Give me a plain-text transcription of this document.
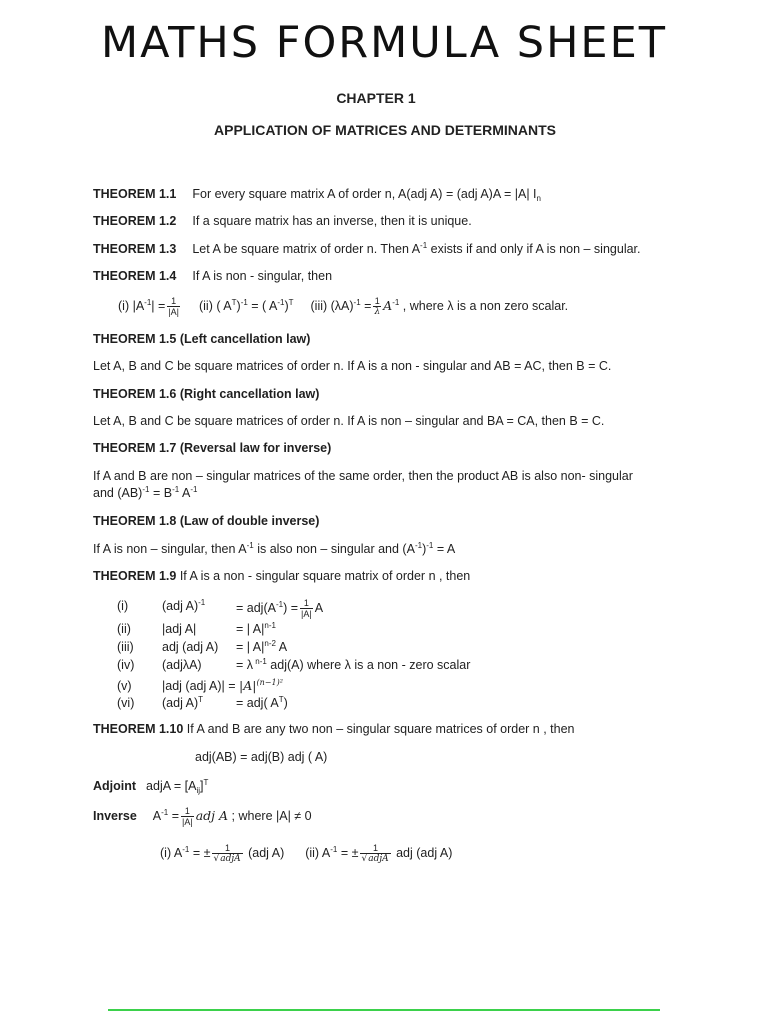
MATHS FORMULA SHEET
CHAPTER 1
APPLICATION OF MATRICES AND DETERMINANTS
THEOREM 1.1 For every square matrix A of order n, A(adj A) = (adj A)A = |A| $I_n$
THEOREM 1.2 If a square matrix has an inverse, then it is unique.
THEOREM 1.3 Let A be square matrix of order n. Then $A^{-1}$ exists if and only if A is non – singular.
THEOREM 1.4 If A is non - singular, then
(i) $|A^{-1}| = \frac{1}{|A|} (ii)$ ( $A^T)^{-1}$ = ( $A^{-1})^T$ (iii) $(\lambda A)^{-1} = \frac{1}{\lambda} A^{-1}$ , where λ is a non zero scalar.
THEOREM 1.5 (Left cancellation law)
Let A, B and C be square matrices of order n. If A is a non - singular and AB = AC, then B = C.
THEOREM 1.6 (Right cancellation law)
Let A, B and C be square matrices of order n. If A is non – singular and BA = CA, then B = C.
THEOREM 1.7 (Reversal law for inverse)
If A and B are non – singular matrices of the same order, then the product AB is also non- singular
and $(AB)^{-1} = B^{-1}$ $A^{-1}$
THEOREM 1.8 (Law of double inverse)
If A is non – singular, then $A^{-1}$ is also non – singular and $(A^{-1})^{-1} = A$
THEOREM 1.9 If A is a non - singular square matrix of order n , then
(i)	(adj $A)^{-1} = adj(A^{-1}) = \frac{1}{|A|}$ A
(ii) |adj A|	= | $A|^{n-1}$
(iii) adj (adj A) = | $A|^{n-2}$ A
(iv) (adjλA)	= λ $^{n-1}$ adj(A) where λ is a non - zero scalar
(v) |adj (adj $A)| = |A|^{(n-1)^2}$
(vi) (adj A)$^T$	= adj( $A^T$)
THEOREM 1.10 If A and B are any two non – singular square matrices of order n , then
adj(AB) = adj(B) adj ( A)
Adjoint adjA = $[A_{ij}]^T$
Inverse $A^{-1} = \frac{1}{|A|}$ adj A ; where |A| ≠ 0
(i) $A^{-1}$ = ± $\frac{1}{\text{√adjA}} (adj$ A) (ii) $A^{-1}$ = ± $\frac{1}{\text{√adjA}}$ adj (adj A)
